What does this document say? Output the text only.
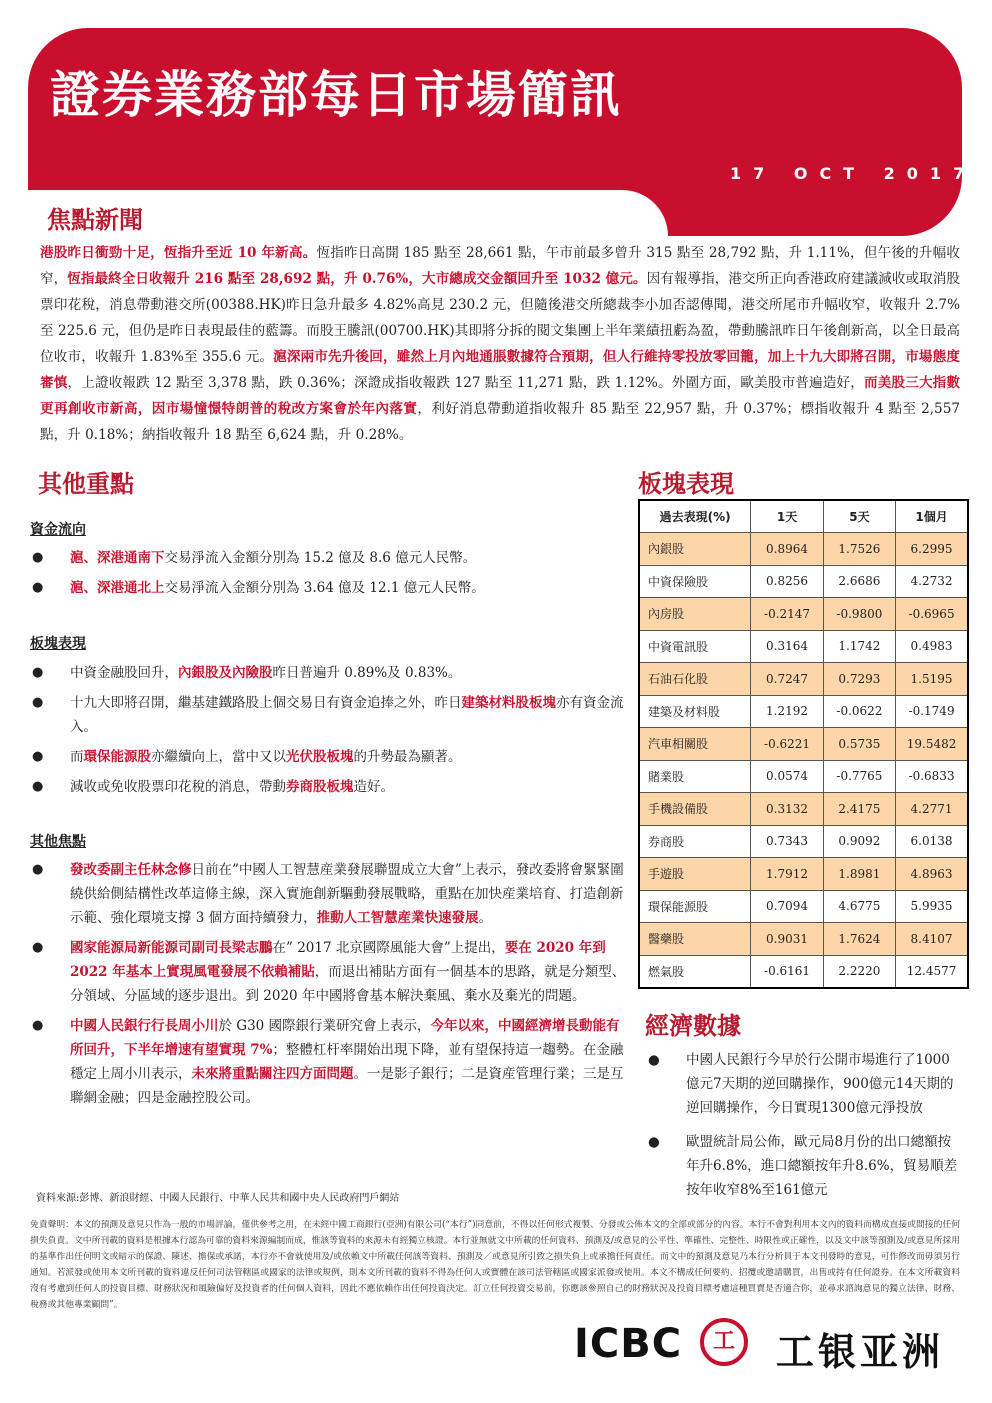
證券業務部每日市場簡訊
17 OCT 2017
焦點新聞
港股昨日衝勁十足，恆指升至近 10 年新高。恆指昨日高開 185 點至 28,661 點，午市前最多曾升 315 點至 28,792 點，升 1.11%，但午後的升幅收窄，恆指最終全日收報升 216 點至 28,692 點，升 0.76%，大市總成交金額回升至 1032 億元。因有報導指，港交所正向香港政府建議減收或取消股票印花稅，消息帶動港交所(00388.HK)昨日急升最多 4.82%高見 230.2 元，但隨後港交所總裁李小加否認傳聞，港交所尾市升幅收窄，收報升 2.7%至 225.6 元，但仍是昨日表現最佳的藍籌。而股王騰訊(00700.HK)其即將分拆的閱文集團上半年業績扭虧為盈，帶動騰訊昨日午後創新高，以全日最高位收市，收報升 1.83%至 355.6 元。滬深兩市先升後回，雖然上月內地通脹數據符合預期，但人行維持零投放零回籠，加上十九大即將召開，市場態度審慎，上證收報跌 12 點至 3,378 點，跌 0.36%；深證成指收報跌 127 點至 11,271 點，跌 1.12%。外圍方面，歐美股市普遍造好，而美股三大指數更再創收市新高，因市場憧憬特朗普的稅改方案會於年內落實，利好消息帶動道指收報升 85 點至 22,957 點，升 0.37%；標指收報升 4 點至 2,557 點，升 0.18%；納指收報升 18 點至 6,624 點，升 0.28%。
其他重點
資金流向
● 滬、深港通南下交易淨流入金額分別為 15.2 億及 8.6 億元人民幣。
● 滬、深港通北上交易淨流入金額分別為 3.64 億及 12.1 億元人民幣。
板塊表現
● 中資金融股回升，內銀股及內險股昨日普遍升 0.89%及 0.83%。
● 十九大即將召開，繼基建鐵路股上個交易日有資金追捧之外，昨日建築材料股板塊亦有資金流入。
● 而環保能源股亦繼續向上，當中又以光伏股板塊的升勢最為顯著。
● 減收或免收股票印花稅的消息，帶動券商股板塊造好。
其他焦點
● 發改委副主任林念修日前在”中國人工智慧産業發展聯盟成立大會”上表示，發改委將會緊緊圍繞供給側結構性改革這條主線，深入實施創新驅動發展戰略，重點在加快産業培育、打造創新示範、強化環境支撐 3 個方面持續發力，推動人工智慧産業快速發展。
● 國家能源局新能源司副司長梁志鵬在” 2017 北京國際風能大會”上提出，要在 2020 年到 2022 年基本上實現風電發展不依賴補貼，而退出補貼方面有一個基本的思路，就是分類型、分領域、分區域的逐步退出。到 2020 年中國將會基本解決棄風、棄水及棄光的問題。
● 中國人民銀行行長周小川於 G30 國際銀行業研究會上表示，今年以來，中國經濟增長動能有所回升，下半年增速有望實現 7%；整體杠杆率開始出現下降，並有望保持這一趨勢。在金融穩定上周小川表示，未來將重點關注四方面問題。一是影子銀行；二是資産管理行業；三是互聯網金融；四是金融控股公司。
板塊表現
過去表現(%)	1天	5天	1個月
內銀股	0.8964	1.7526	6.2995
中資保險股	0.8256	2.6686	4.2732
內房股	-0.2147	-0.9800	-0.6965
中資電訊股	0.3164	1.1742	0.4983
石油石化股	0.7247	0.7293	1.5195
建築及材料股	1.2192	-0.0622	-0.1749
汽車相關股	-0.6221	0.5735	19.5482
賭業股	0.0574	-0.7765	-0.6833
手機設備股	0.3132	2.4175	4.2771
券商股	0.7343	0.9092	6.0138
手遊股	1.7912	1.8981	4.8963
環保能源股	0.7094	4.6775	5.9935
醫藥股	0.9031	1.7624	8.4107
燃氣股	-0.6161	2.2220	12.4577
經濟數據
● 中國人民銀行今早於行公開市場進行了1000億元7天期的逆回購操作，900億元14天期的逆回購操作，今日實現1300億元淨投放
● 歐盟統計局公佈，歐元局8月份的出口總額按年升6.8%，進口總額按年升8.6%，貿易順差按年收窄8%至161億元
資料來源:彭博、新浪財經、中國人民銀行、中華人民共和國中央人民政府門戶網站
免責聲明：本文的預測及意見只作為一般的市場評論，僅供參考之用，在未經中國工商銀行(亞洲)有限公司(“本行”)同意前，不得以任何形式複製、分發或公佈本文的全部或部分的內容。本行不會對利用本文內的資料而構成直接或間接的任何損失負責。文中所刊載的資料是根據本行認為可靠的資料來源編制而成，惟該等資料的來源未有經獨立核證。本行並無就文中所載的任何資料、預測及/或意見的公平性、準確性、完整性、時限性或正確性，以及文中該等預測及/或意見所採用的基準作出任何明文或暗示的保證、陳述、擔保或承諾，本行亦不會就使用及/或依賴文中所載任何該等資料、預測及／或意見所引致之損失負上或承擔任何責任。而文中的預測及意見乃本行分析員于本文刊發時的意見，可作修改而毋須另行通知。若派發或使用本文所刊載的資料違反任何司法管轄區或國家的法律或規例，則本文所刊載的資料不得為任何人或實體在該司法管轄區或國家派發或使用。本文不構成任何要約、招攬或邀請購買，出售或持有任何證券。在本文所載資料沒有考慮到任何人的投資目標、財務狀況和風險偏好及投資者的任何個人資料，因此不應依賴作出任何投資決定。訂立任何投資交易前，你應該參照自己的財務狀況及投資目標考慮這種買賣是否適合你，並尋求諮詢意見的獨立法律、財務、稅務或其他專業顧問”。
ICBC	工	工银亚洲
